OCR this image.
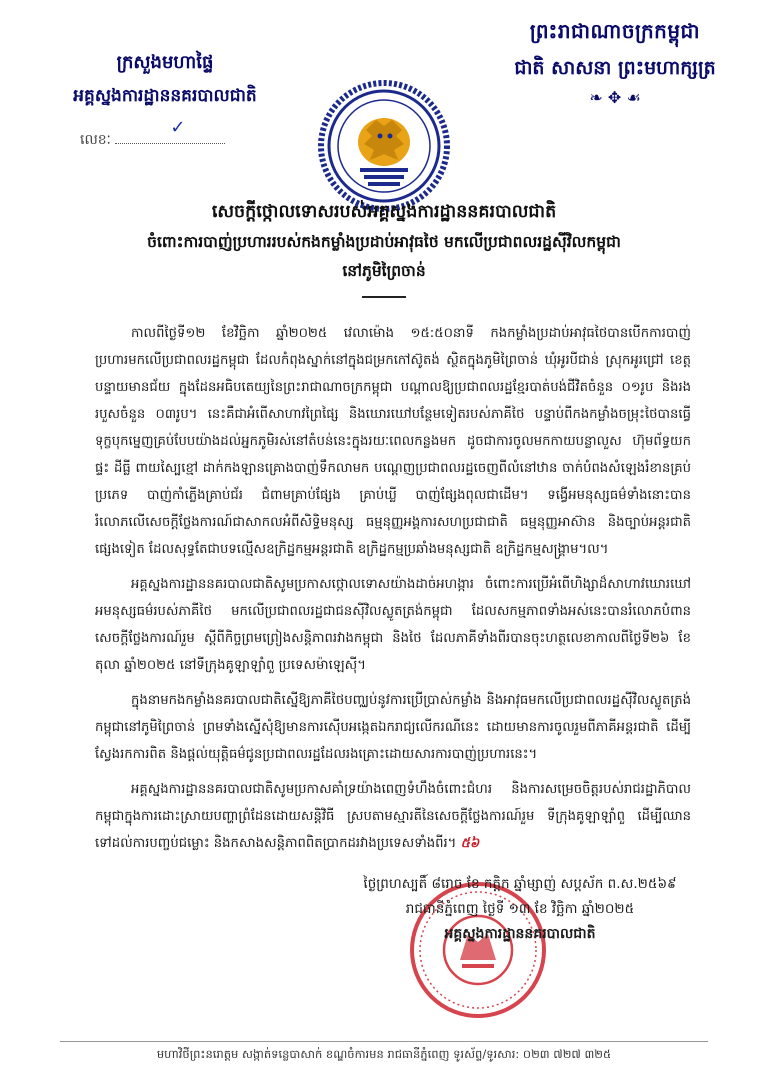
ព្រះរាជាណាចក្រកម្ពុជា
ជាតិ សាសនា ព្រះមហាក្សត្រ
❧ ✥ ☙
ក្រសួងមហាផ្ទៃ
អគ្គស្នងការដ្ឋាននគរបាលជាតិ
លេខៈ
✓
សេចក្តីថ្កោលទោសរបស់អគ្គស្នងការដ្ឋាននគរបាលជាតិ
ចំពោះការបាញ់ប្រហាររបស់កងកម្លាំងប្រដាប់អាវុធថៃ មកលើប្រជាពលរដ្ឋស៊ីវិលកម្ពុជា
នៅភូមិព្រៃចាន់

កាលពីថ្ងៃទី១២ ខែវិច្ឆិកា ឆ្នាំ២០២៥ វេលាម៉ោង ១៥:៥០នាទី កងកម្លាំងប្រដាប់អាវុធថៃបានបើកការបាញ់ប្រហារមកលើប្រជាពលរដ្ឋកម្ពុជា ដែលកំពុងស្នាក់នៅក្នុងជម្រកកៅស៊ូតង់ ស្ថិតក្នុងភូមិព្រៃចាន់ ឃុំអូរបីជាន់ ស្រុកអូរជ្រៅ ខេត្តបន្ទាយមានជ័យ ក្នុងដែនអធិបតេយ្យនៃព្រះរាជាណាចក្រកម្ពុជា បណ្តាលឱ្យប្រជាពលរដ្ឋខ្មែរបាត់បង់ជីវិតចំនួន ០១រូប និងរងរបួសចំនួន ០៣រូប។ នេះគឺជាអំពើសាហាវព្រៃផ្សៃ និងឃោរឃៅបន្ថែមទៀតរបស់ភាគីថៃ បន្ទាប់ពីកងកម្លាំងចម្រុះថៃបានធ្វើទុក្ខបុកម្នេញគ្រប់បែបយ៉ាងដល់អ្នកភូមិរស់នៅតំបន់នេះក្នុងរយៈពេលកន្លងមក ដូចជាការចូលមកកាយបន្លាលួស ហ៊ុមព័ទ្ធយកផ្ទះ ដីធ្លី ពាយស្បៃខ្មៅ ដាក់កងឡានគ្រោងបាញ់ទឹកលាមក បណ្តេញប្រជាពលរដ្ឋចេញពីលំនៅឋាន ចាក់បំពងសំឡេងរំខានគ្រប់ប្រភេទ បាញ់កាំភ្លើងគ្រាប់ជ័រ ជំពាមគ្រាប់ផ្សែង គ្រាប់ឃ្លី បាញ់ផ្សែងពុលជាដើម។ ទង្វើអមនុស្សធម៌ទាំងនោះបានរំលោភលើសេចក្តីថ្លែងការណ៍ជាសាកលអំពីសិទ្ធិមនុស្ស ធម្មនុញ្ញអង្គការសហប្រជាជាតិ ធម្មនុញ្ញអាស៊ាន និងច្បាប់អន្តរជាតិផ្សេងទៀត ដែលសុទ្ធតែជាបទល្មើសឧក្រិដ្ឋកម្មអន្តរជាតិ ឧក្រិដ្ឋកម្មប្រឆាំងមនុស្សជាតិ ឧក្រិដ្ឋកម្មសង្គ្រាម។ល។

អគ្គស្នងការដ្ឋាននគរបាលជាតិសូមប្រកាសថ្កោលទោសយ៉ាងដាច់អហង្ការ ចំពោះការប្រើអំពើហិង្សាដ៏សាហាវឃោរឃៅ អមនុស្សធម៌របស់ភាគីថៃ មកលើប្រជាពលរដ្ឋជាជនស៊ីវិលស្លូតត្រង់កម្ពុជា ដែលសកម្មភាពទាំងអស់នេះបានរំលោភបំពានសេចក្តីថ្លែងការណ៍រួម ស្តីពីកិច្ចព្រមព្រៀងសន្តិភាពរវាងកម្ពុជា និងថៃ ដែលភាគីទាំងពីរបានចុះហត្ថលេខាកាលពីថ្ងៃទី២៦ ខែតុលា ឆ្នាំ២០២៥ នៅទីក្រុងគូឡាឡាំពួ ប្រទេសម៉ាឡេស៊ី។

ក្នុងនាមកងកម្លាំងនគរបាលជាតិស្នើឱ្យភាគីថៃបញ្ឈប់នូវការប្រើប្រាស់កម្លាំង និងអាវុធមកលើប្រជាពលរដ្ឋស៊ីវិលស្លូតត្រង់កម្ពុជានៅភូមិព្រៃចាន់ ព្រមទាំងស្នើសុំឱ្យមានការស៊ើបអង្កេតឯករាជ្យលើករណីនេះ ដោយមានការចូលរួមពីភាគីអន្តរជាតិ ដើម្បីស្វែងរកការពិត និងផ្តល់យុត្តិធម៌ជូនប្រជាពលរដ្ឋដែលរងគ្រោះដោយសារការបាញ់ប្រហារនេះ។

អគ្គស្នងការដ្ឋាននគរបាលជាតិសូមប្រកាសគាំទ្រយ៉ាងពេញទំហឹងចំពោះជំហរ និងការសម្រេចចិត្តរបស់រាជរដ្ឋាភិបាលកម្ពុជាក្នុងការដោះស្រាយបញ្ហាព្រំដែនដោយសន្តិវិធី ស្របតាមស្មារតីនៃសេចក្តីថ្លែងការណ៍រួម ទីក្រុងគូឡាឡាំពួ ដើម្បីឈានទៅដល់ការបញ្ចប់ជម្លោះ និងកសាងសន្តិភាពពិតប្រាកដរវាងប្រទេសទាំងពីរ។ ៥៦

ថ្ងៃព្រហស្បតិ៍ ៨រោច ខែ កត្តិក ឆ្នាំម្សាញ់ សប្តស័ក ព.ស.២៥៦៩
រាជធានីភ្នំពេញ ថ្ងៃទី ១៣ ខែ វិច្ឆិកា ឆ្នាំ២០២៥
អគ្គស្នងការដ្ឋាននគរបាលជាតិ
មហាវិថីព្រះនរោត្តម សង្កាត់ទន្លេបាសាក់ ខណ្ឌចំការមន រាជធានីភ្នំពេញ ទូរស័ព្ទ/ទូរសារ: ០២៣ ៧២៧ ៣២៥
